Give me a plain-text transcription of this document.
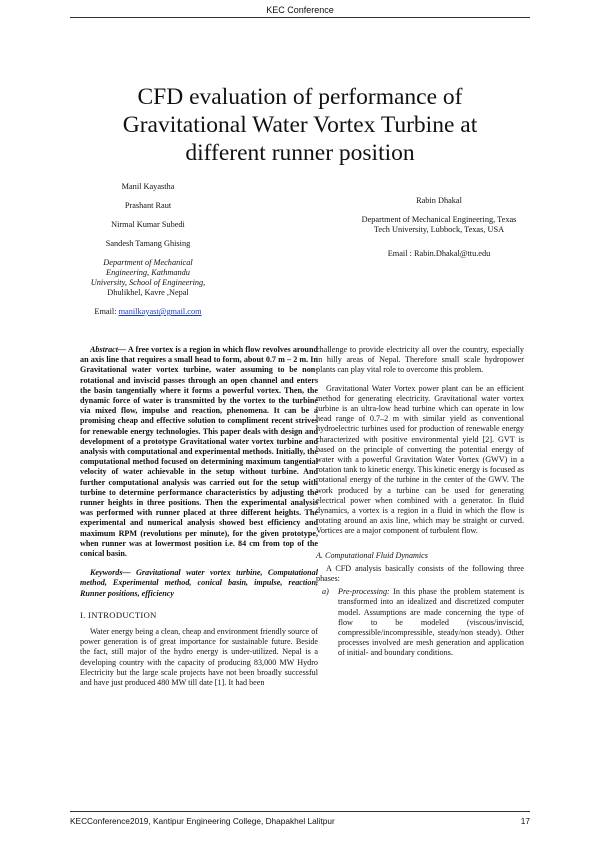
KEC Conference
CFD evaluation of performance of
Gravitational Water Vortex Turbine at
different runner position
Manil Kayastha
Prashant Raut
Nirmal Kumar Subedi
Sandesh Tamang Ghising
Department of Mechanical
Engineering, Kathmandu
University, School of Engineering,
Dhulikhel, Kavre ,Nepal
Email: manilkayast@gmail.com
Rabin Dhakal
Department of Mechanical Engineering, Texas Tech University, Lubbock, Texas, USA
Email : Rabin.Dhakal@ttu.edu

Abstract— A free vortex is a region in which flow revolves around an axis line that requires a small head to form, about 0.7 m – 2 m. In Gravitational water vortex turbine, water assuming to be non-rotational and inviscid passes through an open channel and enters the basin tangentially where it forms a powerful vortex. Then, the dynamic force of water is transmitted by the vortex to the turbine via mixed flow, impulse and reaction, phenomena. It can be a promising cheap and effective solution to compliment recent strives for renewable energy technologies. This paper deals with design and development of a prototype Gravitational water vortex turbine and analysis with computational and experimental methods. Initially, the computational method focused on determining maximum tangential velocity of water achievable in the setup without turbine. And further computational analysis was carried out for the setup with turbine to determine performance characteristics by adjusting the runner heights in three positions. Then the experimental analysis was performed with runner placed at three different heights. The experimental and numerical analysis showed best efficiency and maximum RPM (revolutions per minute), for the given prototype, when runner was at lowermost position i.e. 84 cm from top of the conical basin.

Keywords— Gravitational water vortex turbine, Computational method, Experimental method, conical basin, impulse, reaction, Runner positions, efficiency

I. INTRODUCTION

Water energy being a clean, cheap and environment friendly source of power generation is of great importance for sustainable future. Beside the fact, still major of the hydro energy is under-utilized. Nepal is a developing country with the capacity of producing 83,000 MW Hydro Electricity but the large scale projects have not been broadly successful and have just produced 480 MW till date [1]. It had been

challenge to provide electricity all over the country, especially in hilly areas of Nepal. Therefore small scale hydropower plants can play vital role to overcome this problem.

Gravitational Water Vortex power plant can be an efficient method for generating electricity. Gravitational water vortex turbine is an ultra-low head turbine which can operate in low head range of 0.7–2 m with similar yield as conventional hydroelectric turbines used for production of renewable energy characterized with positive environmental yield [2]. GVT is based on the principle of converting the potential energy of water with a powerful Gravitation Water Vortex (GWV) in a rotation tank to kinetic energy. This kinetic energy is focused as rotational energy of the turbine in the center of the GWV. The work produced by a turbine can be used for generating electrical power when combined with a generator. In fluid dynamics, a vortex is a region in a fluid in which the flow is rotating around an axis line, which may be straight or curved. Vortices are a major component of turbulent flow.

A. Computational Fluid Dynamics

A CFD analysis basically consists of the following three phases:

a)	Pre-processing: In this phase the problem statement is transformed into an idealized and discretized computer model. Assumptions are made concerning the type of flow to be modeled (viscous/inviscid, compressible/incompressible, steady/non steady). Other processes involved are mesh generation and application of initial- and boundary conditions.
KECConference2019, Kantipur Engineering College, Dhapakhel Lalitpur	17
